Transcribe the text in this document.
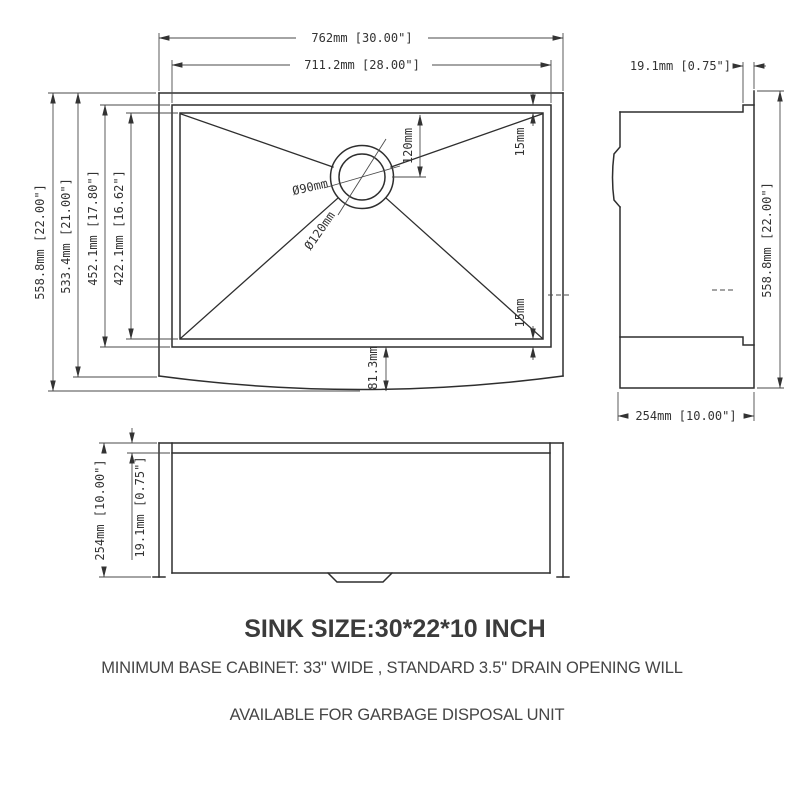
762mm [30.00"]
711.2mm [28.00"]
558.8mm [22.00"] 533.4mm [21.00"] 452.1mm [17.80"] 422.1mm [16.62"]
120mm	15mm
15mm
Ø90mm
Ø120mm
81.3mm
19.1mm [0.75"]
558.8mm [22.00"]
254mm [10.00"]
254mm [10.00"] 19.1mm [0.75"]
SINK SIZE:30*22*10 INCH
MINIMUM BASE CABINET: 33" WIDE , STANDARD 3.5" DRAIN OPENING WILL
AVAILABLE FOR GARBAGE DISPOSAL UNIT
